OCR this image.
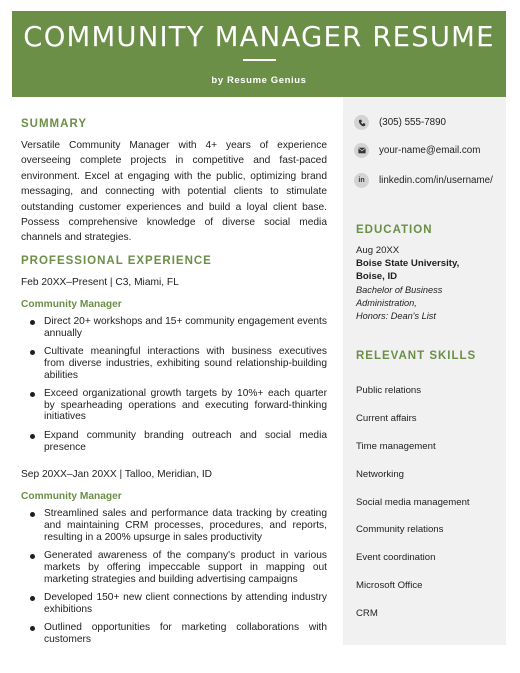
COMMUNITY MANAGER RESUME
by Resume Genius
SUMMARY
Versatile Community Manager with 4+ years of experience overseeing complete projects in competitive and fast-paced environment. Excel at engaging with the public, optimizing brand messaging, and connecting with potential clients to stimulate outstanding customer experiences and build a loyal client base. Possess comprehensive knowledge of diverse social media channels and strategies.
PROFESSIONAL EXPERIENCE
Feb 20XX–Present | C3, Miami, FL
Community Manager
Direct 20+ workshops and 15+ community engagement events annually
Cultivate meaningful interactions with business executives from diverse industries, exhibiting sound relationship-building abilities
Exceed organizational growth targets by 10%+ each quarter by spearheading operations and executing forward-thinking initiatives
Expand community branding outreach and social media presence
Sep 20XX–Jan 20XX | Talloo, Meridian, ID
Community Manager
Streamlined sales and performance data tracking by creating and maintaining CRM processes, procedures, and reports, resulting in a 200% upsurge in sales productivity
Generated awareness of the company's product in various markets by offering impeccable support in mapping out marketing strategies and building advertising campaigns
Developed 150+ new client connections by attending industry exhibitions
Outlined opportunities for marketing collaborations with customers
(305) 555-7890
your-name@email.com
in linkedin.com/in/username/
EDUCATION
Aug 20XX
Boise State University,
Boise, ID
Bachelor of Business
Administration,
Honors: Dean's List
RELEVANT SKILLS
Public relations
Current affairs
Time management
Networking
Social media management
Community relations
Event coordination
Microsoft Office
CRM
